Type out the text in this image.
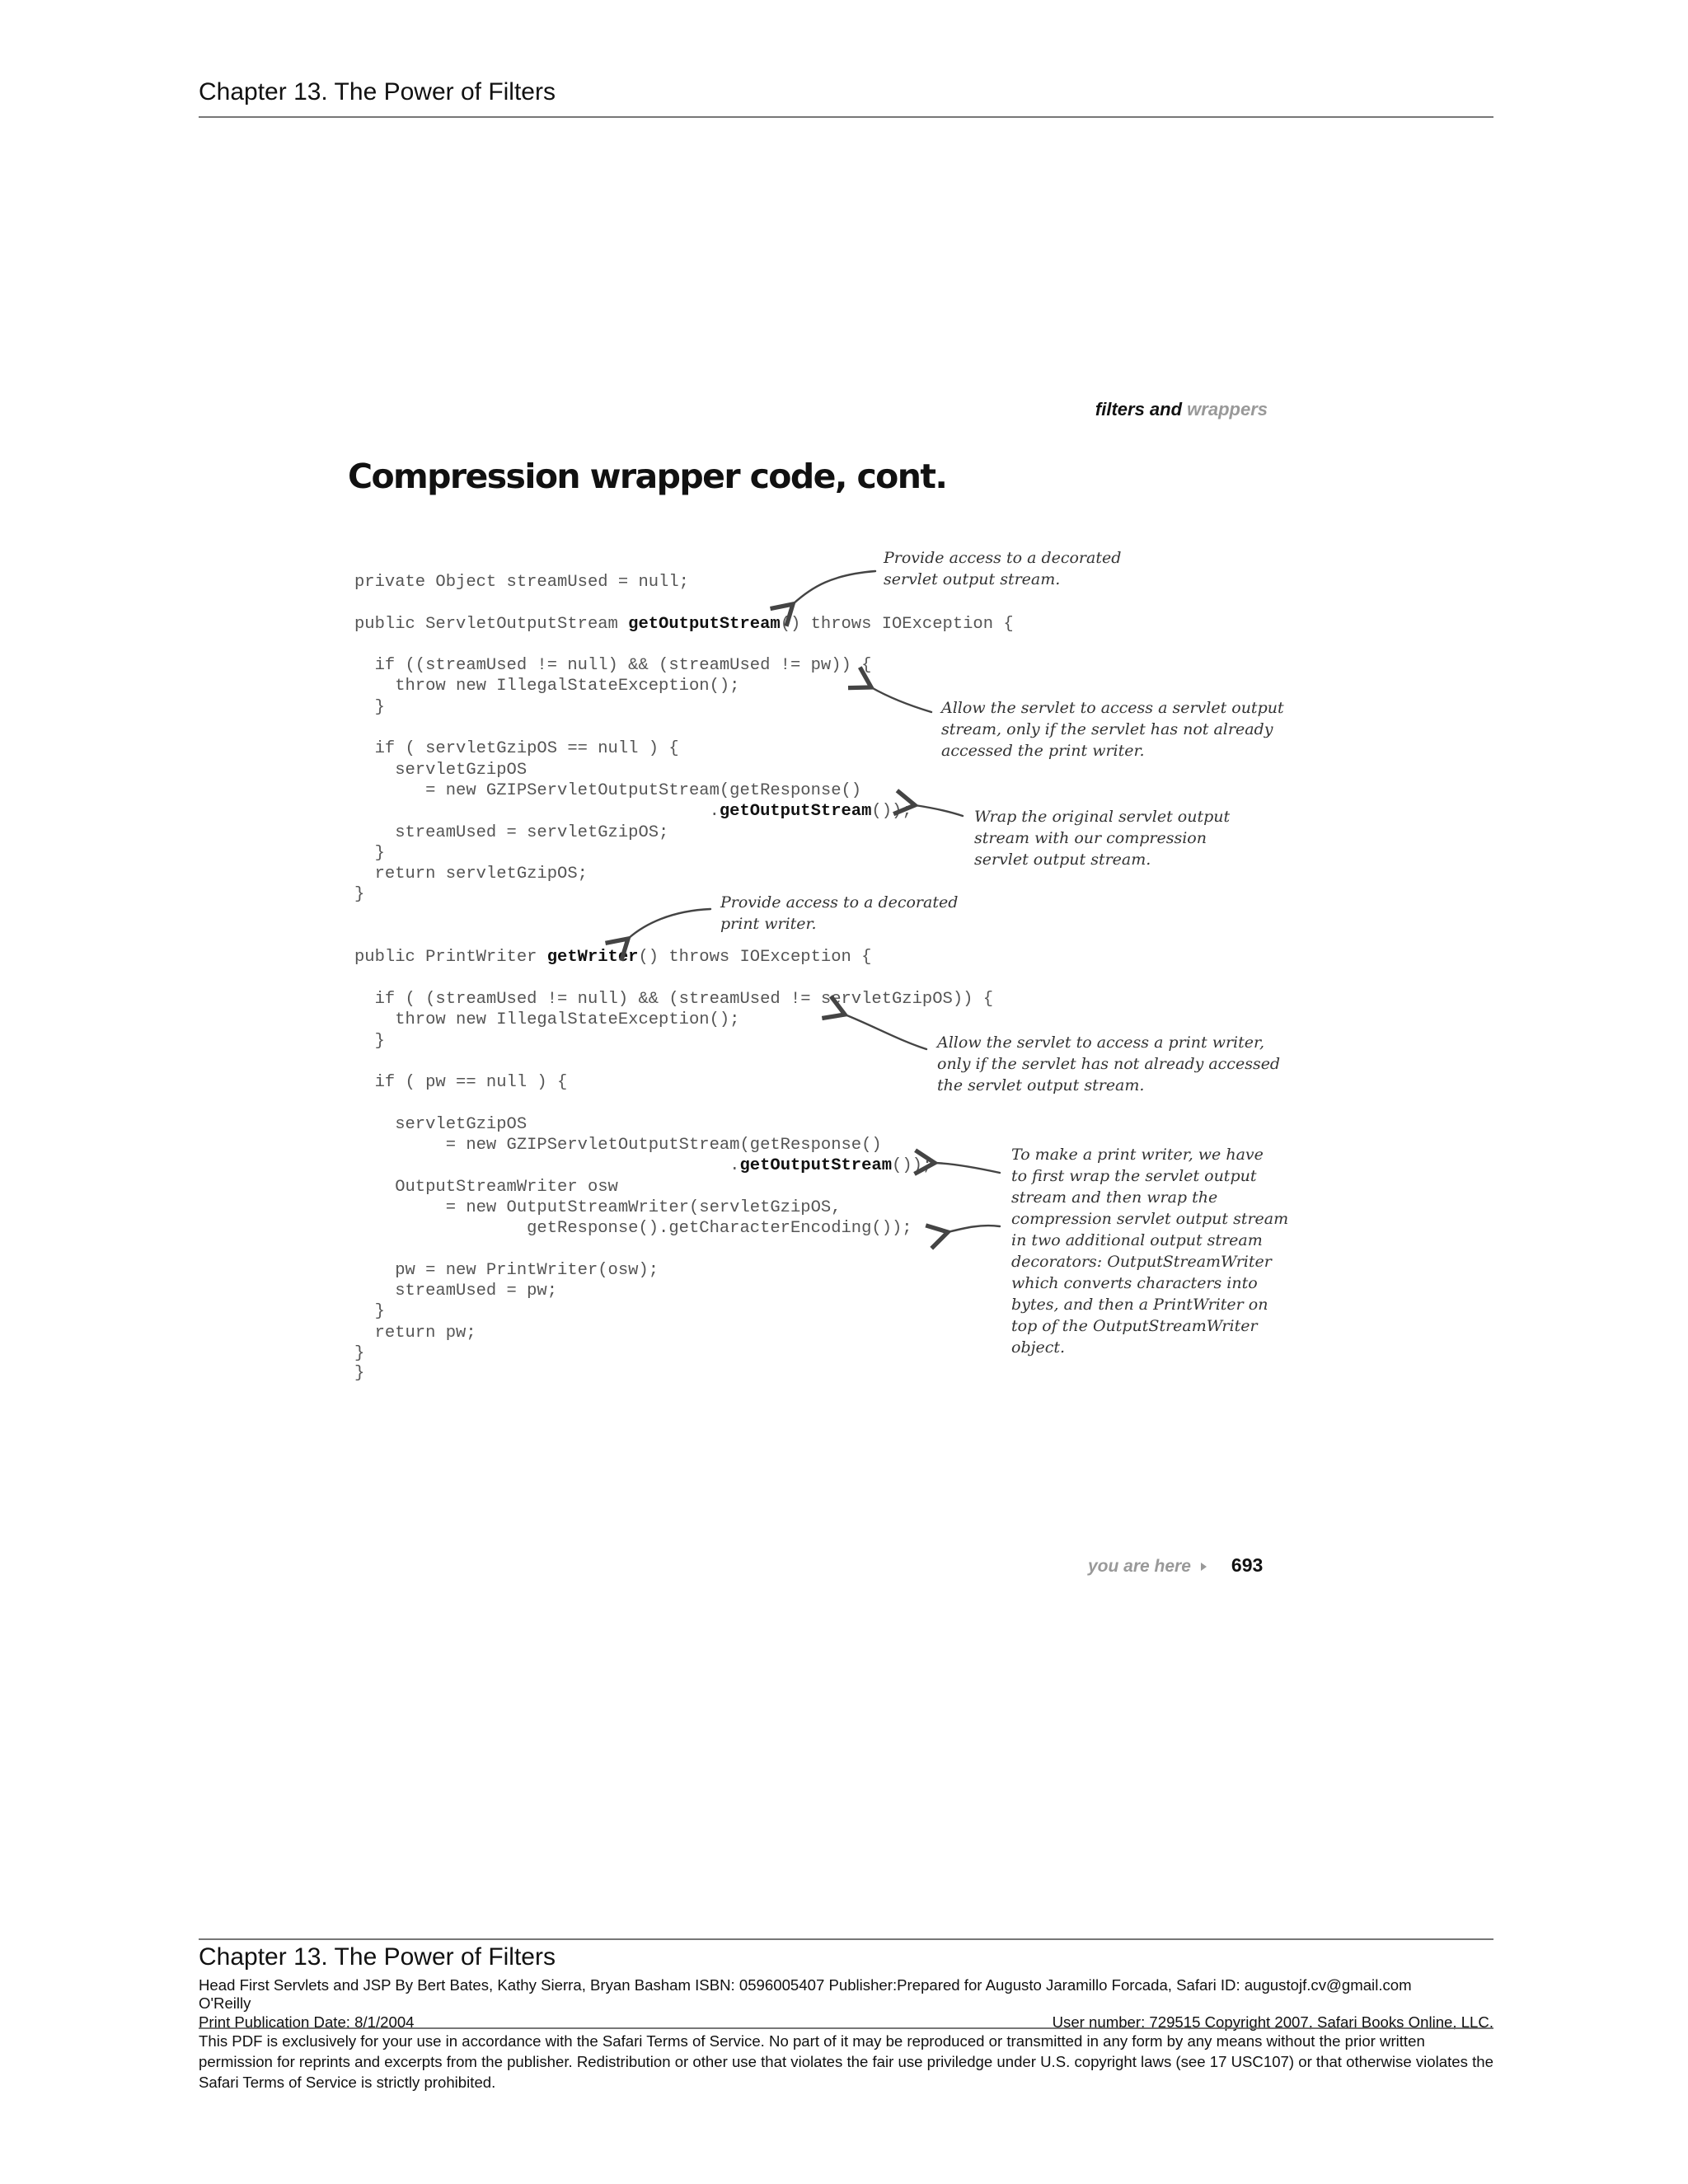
Chapter 13. The Power of Filters
filters and wrappers
Compression wrapper code, cont.
private Object streamUsed = null;

public ServletOutputStream getOutputStream() throws IOException {

if ((streamUsed != null) && (streamUsed != pw)) {
throw new IllegalStateException();
}

if ( servletGzipOS == null ) {
servletGzipOS
= new GZIPServletOutputStream(getResponse()
.getOutputStream());
streamUsed = servletGzipOS;
}
return servletGzipOS;
}

public PrintWriter getWriter() throws IOException {

if ( (streamUsed != null) && (streamUsed != servletGzipOS)) {
throw new IllegalStateException();
}

if ( pw == null ) {

servletGzipOS
= new GZIPServletOutputStream(getResponse()
.getOutputStream());
OutputStreamWriter osw
= new OutputStreamWriter(servletGzipOS,
getResponse().getCharacterEncoding());

pw = new PrintWriter(osw);
streamUsed = pw;
}
return pw;
}

Provide access to a decorated
servlet output stream.

Allow the servlet to access a servlet output
stream, only if the servlet has not already
accessed the print writer.

Wrap the original servlet output
stream with our compression
servlet output stream.

Provide access to a decorated
print writer.

Allow the servlet to access a print writer,
only if the servlet has not already accessed
the servlet output stream.

To make a print writer, we have
to first wrap the servlet output
stream and then wrap the
compression servlet output stream
in two additional output stream
decorators: OutputStreamWriter
which converts characters into
bytes, and then a PrintWriter on
top of the OutputStreamWriter
object.

you are here 693
Chapter 13. The Power of Filters
Head First Servlets and JSP By Bert Bates, Kathy Sierra, Bryan Basham ISBN: 0596005407 Publisher:Prepared for Augusto Jaramillo Forcada, Safari ID: augustojf.cv@gmail.com
O'Reilly
Print Publication Date: 8/1/2004	User number: 729515 Copyright 2007, Safari Books Online, LLC.
This PDF is exclusively for your use in accordance with the Safari Terms of Service. No part of it may be reproduced or transmitted in any form by any means without the prior written permission for reprints and excerpts from the publisher. Redistribution or other use that violates the fair use priviledge under U.S. copyright laws (see 17 USC107) or that otherwise violates the Safari Terms of Service is strictly prohibited.
}
